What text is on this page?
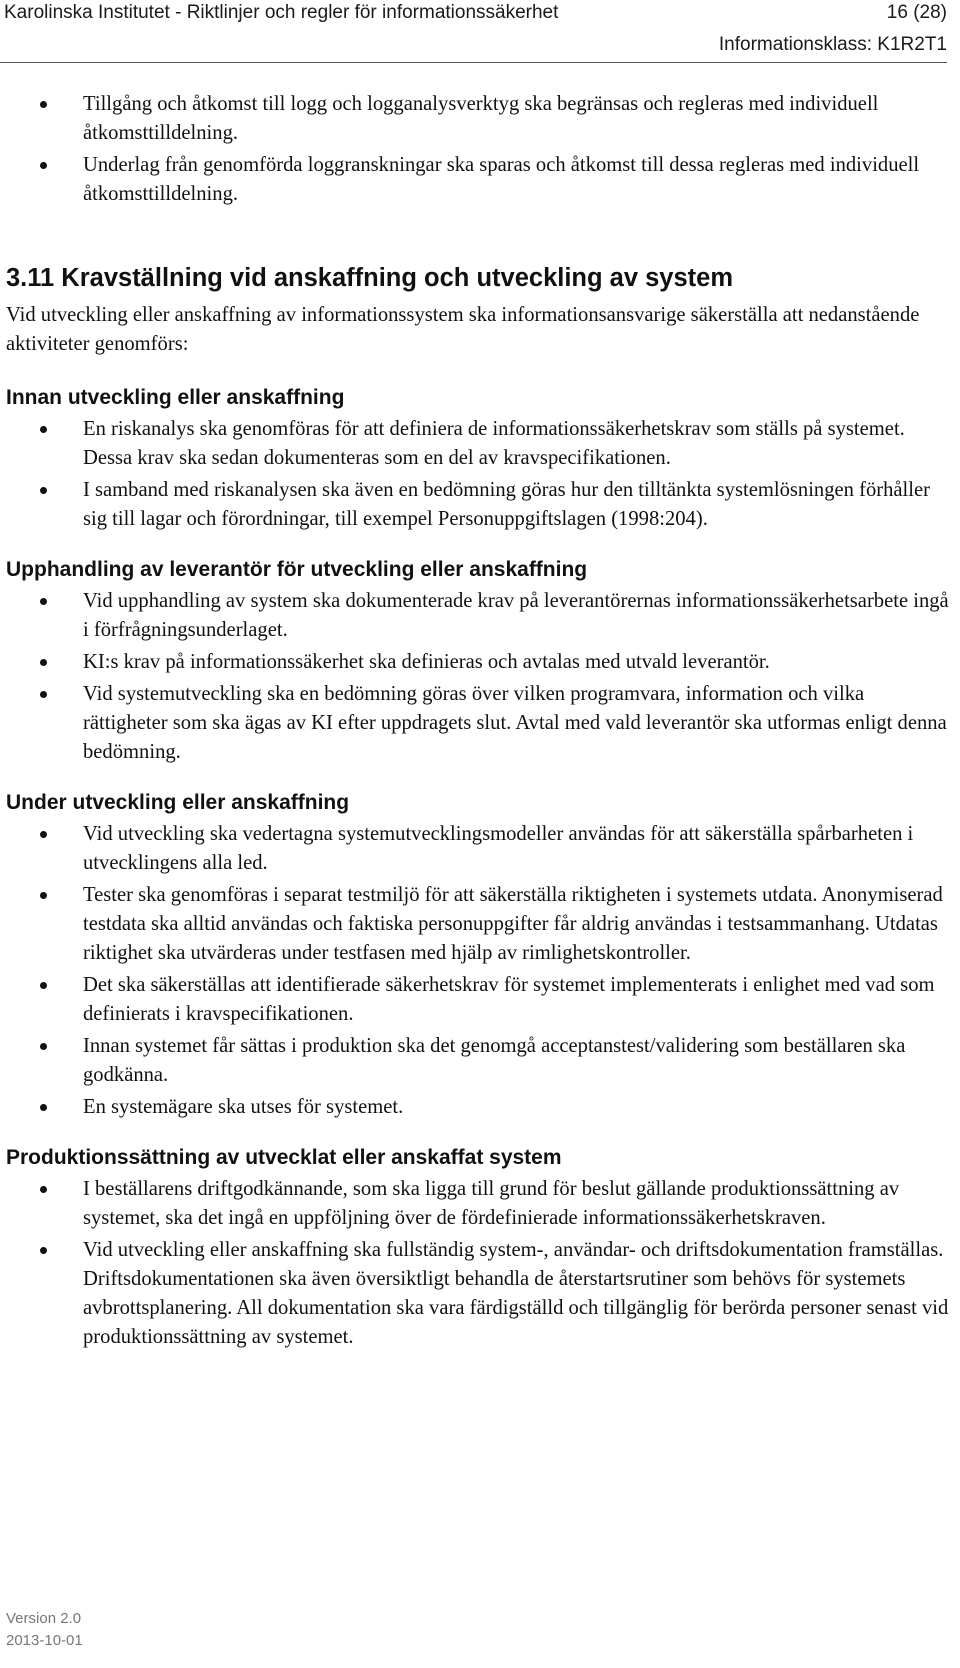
Karolinska Institutet - Riktlinjer och regler för informationssäkerhet	16 (28)
Informationsklass: K1R2T1
Tillgång och åtkomst till logg och logganalysverktyg ska begränsas och regleras med individuell åtkomsttilldelning.
Underlag från genomförda loggranskningar ska sparas och åtkomst till dessa regleras med individuell åtkomsttilldelning.
3.11 Kravställning vid anskaffning och utveckling av system

Vid utveckling eller anskaffning av informationssystem ska informationsansvarige säkerställa att nedanstående aktiviteter genomförs:

Innan utveckling eller anskaffning
En riskanalys ska genomföras för att definiera de informationssäkerhetskrav som ställs på systemet. Dessa krav ska sedan dokumenteras som en del av kravspecifikationen.
I samband med riskanalysen ska även en bedömning göras hur den tilltänkta systemlösningen förhåller sig till lagar och förordningar, till exempel Personuppgiftslagen (1998:204).
Upphandling av leverantör för utveckling eller anskaffning
Vid upphandling av system ska dokumenterade krav på leverantörernas informationssäkerhetsarbete ingå i förfrågningsunderlaget.
KI:s krav på informationssäkerhet ska definieras och avtalas med utvald leverantör.
Vid systemutveckling ska en bedömning göras över vilken programvara, information och vilka rättigheter som ska ägas av KI efter uppdragets slut. Avtal med vald leverantör ska utformas enligt denna bedömning.
Under utveckling eller anskaffning
Vid utveckling ska vedertagna systemutvecklingsmodeller användas för att säkerställa spårbarheten i utvecklingens alla led.
Tester ska genomföras i separat testmiljö för att säkerställa riktigheten i systemets utdata. Anonymiserad testdata ska alltid användas och faktiska personuppgifter får aldrig användas i testsammanhang. Utdatas riktighet ska utvärderas under testfasen med hjälp av rimlighetskontroller.
Det ska säkerställas att identifierade säkerhetskrav för systemet implementerats i enlighet med vad som definierats i kravspecifikationen.
Innan systemet får sättas i produktion ska det genomgå acceptanstest/validering som beställaren ska godkänna.
En systemägare ska utses för systemet.
Produktionssättning av utvecklat eller anskaffat system
I beställarens driftgodkännande, som ska ligga till grund för beslut gällande produktionssättning av systemet, ska det ingå en uppföljning över de fördefinierade informationssäkerhetskraven.
Vid utveckling eller anskaffning ska fullständig system-, användar- och driftsdokumentation framställas. Driftsdokumentationen ska även översiktligt behandla de återstartsrutiner som behövs för systemets avbrottsplanering. All dokumentation ska vara färdigställd och tillgänglig för berörda personer senast vid produktionssättning av systemet.
Version 2.0
2013-10-01
